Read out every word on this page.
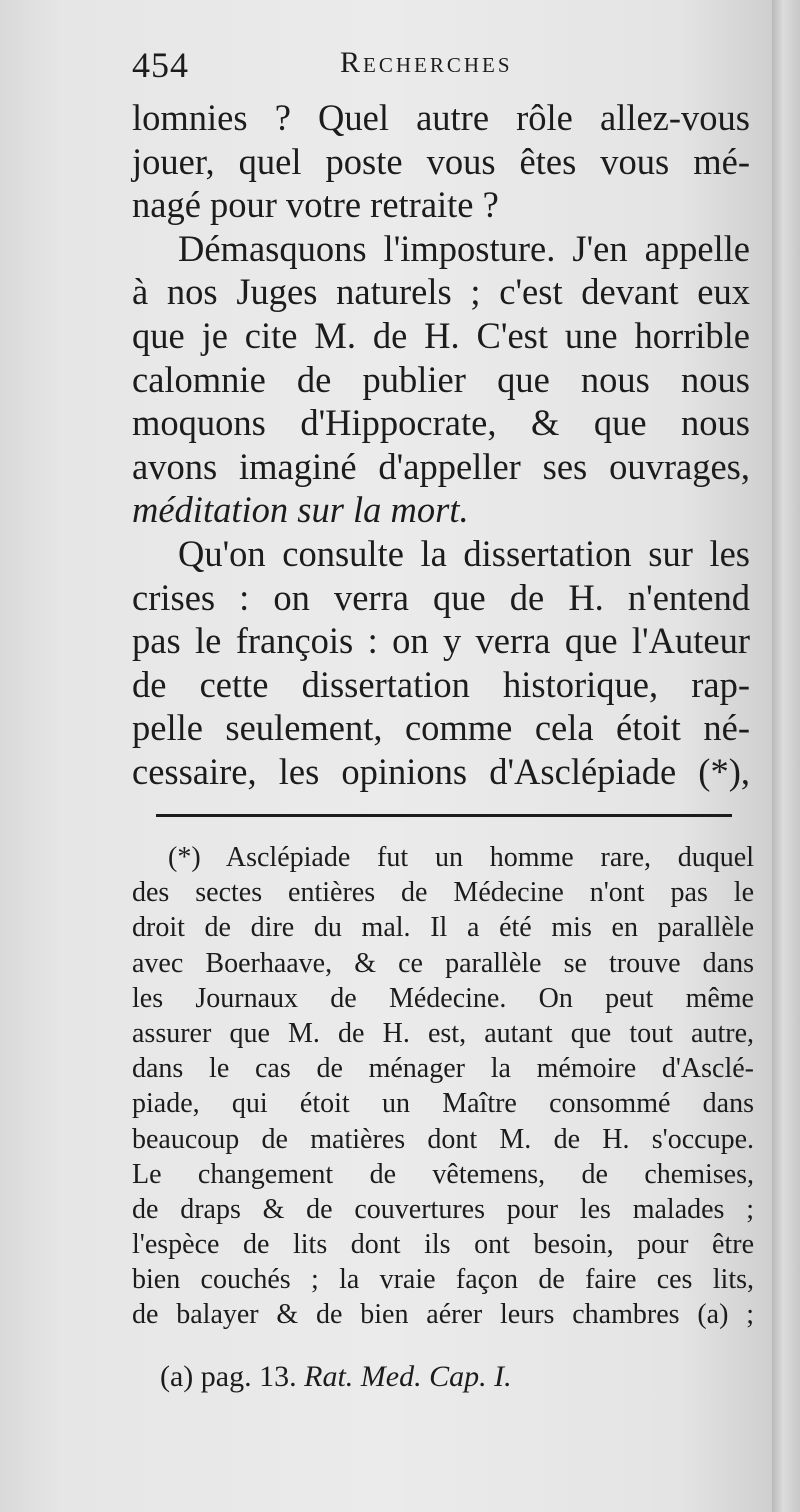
454	Recherches
lomnies ? Quel autre rôle allez-vous
jouer, quel poste vous êtes vous mé-
nagé pour votre retraite ?
Démasquons l'imposture. J'en appelle
à nos Juges naturels ; c'est devant eux
que je cite M. de H. C'est une horrible
calomnie de publier que nous nous
moquons d'Hippocrate, & que nous
avons imaginé d'appeller ses ouvrages,
méditation sur la mort.
Qu'on consulte la dissertation sur les
crises : on verra que de H. n'entend
pas le françois : on y verra que l'Auteur
de cette dissertation historique, rap-
pelle seulement, comme cela étoit né-
cessaire, les opinions d'Asclépiade (*),
(*) Asclépiade fut un homme rare, duquel
des sectes entières de Médecine n'ont pas le
droit de dire du mal. Il a été mis en parallèle
avec Boerhaave, & ce parallèle se trouve dans
les Journaux de Médecine. On peut même
assurer que M. de H. est, autant que tout autre,
dans le cas de ménager la mémoire d'Asclé-
piade, qui étoit un Maître consommé dans
beaucoup de matières dont M. de H. s'occupe.
Le changement de vêtemens, de chemises,
de draps & de couvertures pour les malades ;
l'espèce de lits dont ils ont besoin, pour être
bien couchés ; la vraie façon de faire ces lits,
de balayer & de bien aérer leurs chambres (a) ;
(a) pag. 13. Rat. Med. Cap. I.
